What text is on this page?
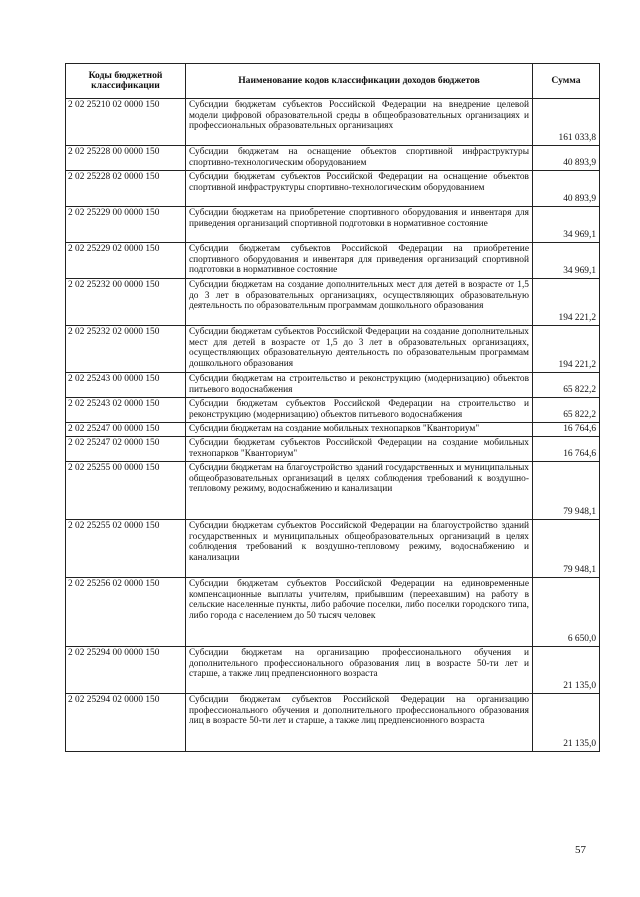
Коды бюджетной классификации	Наименование кодов классификации доходов бюджетов	Сумма
2 02 25210 02 0000 150	Субсидии бюджетам субъектов Российской Федерации на внедрение целевой модели цифровой образовательной среды в общеобразовательных организациях и профессиональных образовательных организациях	161 033,8
2 02 25228 00 0000 150	Субсидии бюджетам на оснащение объектов спортивной инфраструктуры спортивно-технологическим оборудованием	40 893,9
2 02 25228 02 0000 150	Субсидии бюджетам субъектов Российской Федерации на оснащение объектов спортивной инфраструктуры спортивно-технологическим оборудованием	40 893,9
2 02 25229 00 0000 150	Субсидии бюджетам на приобретение спортивного оборудования и инвентаря для приведения организаций спортивной подготовки в нормативное состояние	34 969,1
2 02 25229 02 0000 150	Субсидии бюджетам субъектов Российской Федерации на приобретение спортивного оборудования и инвентаря для приведения организаций спортивной подготовки в нормативное состояние	34 969,1
2 02 25232 00 0000 150	Субсидии бюджетам на создание дополнительных мест для детей в возрасте от 1,5 до 3 лет в образовательных организациях, осуществляющих образовательную деятельность по образовательным программам дошкольного образования	194 221,2
2 02 25232 02 0000 150	Субсидии бюджетам субъектов Российской Федерации на создание дополнительных мест для детей в возрасте от 1,5 до 3 лет в образовательных организациях, осуществляющих образовательную деятельность по образовательным программам дошкольного образования	194 221,2
2 02 25243 00 0000 150	Субсидии бюджетам на строительство и реконструкцию (модернизацию) объектов питьевого водоснабжения	65 822,2
2 02 25243 02 0000 150	Субсидии бюджетам субъектов Российской Федерации на строительство и реконструкцию (модернизацию) объектов питьевого водоснабжения	65 822,2
2 02 25247 00 0000 150	Субсидии бюджетам на создание мобильных технопарков "Кванториум"	16 764,6
2 02 25247 02 0000 150	Субсидии бюджетам субъектов Российской Федерации на создание мобильных технопарков "Кванториум"	16 764,6
2 02 25255 00 0000 150	Субсидии бюджетам на благоустройство зданий государственных и муниципальных общеобразовательных организаций в целях соблюдения требований к воздушно-тепловому режиму, водоснабжению и канализации	79 948,1
2 02 25255 02 0000 150	Субсидии бюджетам субъектов Российской Федерации на благоустройство зданий государственных и муниципальных общеобразовательных организаций в целях соблюдения требований к воздушно-тепловому режиму, водоснабжению и канализации	79 948,1
2 02 25256 02 0000 150	Субсидии бюджетам субъектов Российской Федерации на единовременные компенсационные выплаты учителям, прибывшим (переехавшим) на работу в сельские населенные пункты, либо рабочие поселки, либо поселки городского типа, либо города с населением до 50 тысяч человек	6 650,0
2 02 25294 00 0000 150	Субсидии бюджетам на организацию профессионального обучения и дополнительного профессионального образования лиц в возрасте 50-ти лет и старше, а также лиц предпенсионного возраста	21 135,0
2 02 25294 02 0000 150	Субсидии бюджетам субъектов Российской Федерации на организацию профессионального обучения и дополнительного профессионального образования лиц в возрасте 50-ти лет и старше, а также лиц предпенсионного возраста	21 135,0
57
